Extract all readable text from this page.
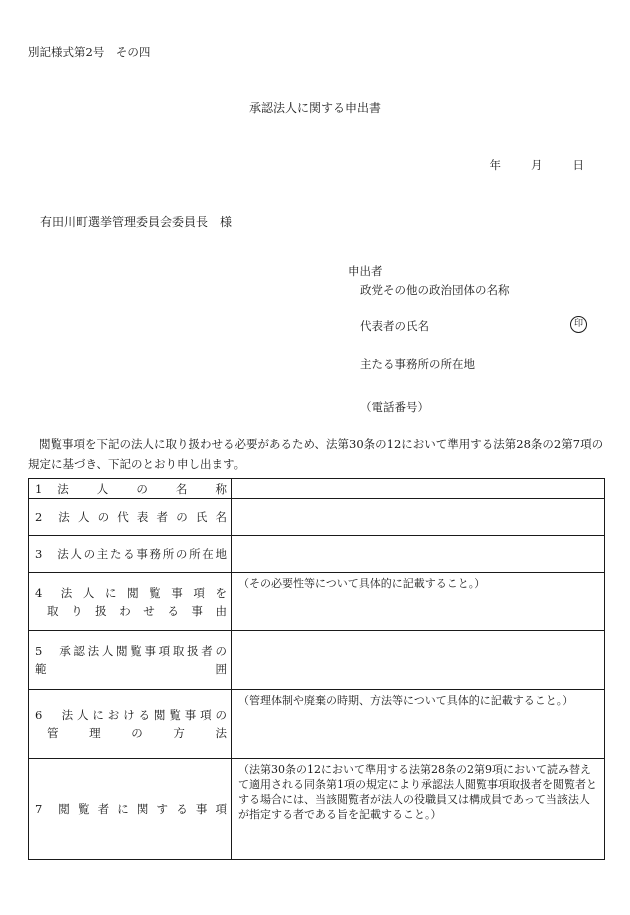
別記様式第2号　その四
承認法人に関する申出書
年	月	日
有田川町選挙管理委員会委員長　様
申出者
政党その他の政治団体の名称
代表者の氏名	印
主たる事務所の所在地
（電話番号）
閲覧事項を下記の法人に取り扱わせる必要があるため、法第30条の12において準用する法第28条の2第7項の規定に基づき、下記のとおり申し出ます。
1　法　　人　　の　　名　　称	

2　法 人 の 代 表 者 の 氏 名	

3　法人の主たる事務所の所在地	

4　法 人 に 閲 覧 事 項 を
取 り 扱 わ せ る 事 由	（その必要性等について具体的に記載すること。）

5　承認法人閲覧事項取扱者の
範　　　　　　　　　　　　囲	

6　法人における閲覧事項の
管　　理　　の　　方　　法	（管理体制や廃棄の時期、方法等について具体的に記載すること。）

7　閲 覧 者 に 関 す る 事 項	（法第30条の12において準用する法第28条の2第9項において読み替えて適用される同条第1項の規定により承認法人閲覧事項取扱者を閲覧者とする場合には、当該閲覧者が法人の役職員又は構成員であって当該法人が指定する者である旨を記載すること。）
